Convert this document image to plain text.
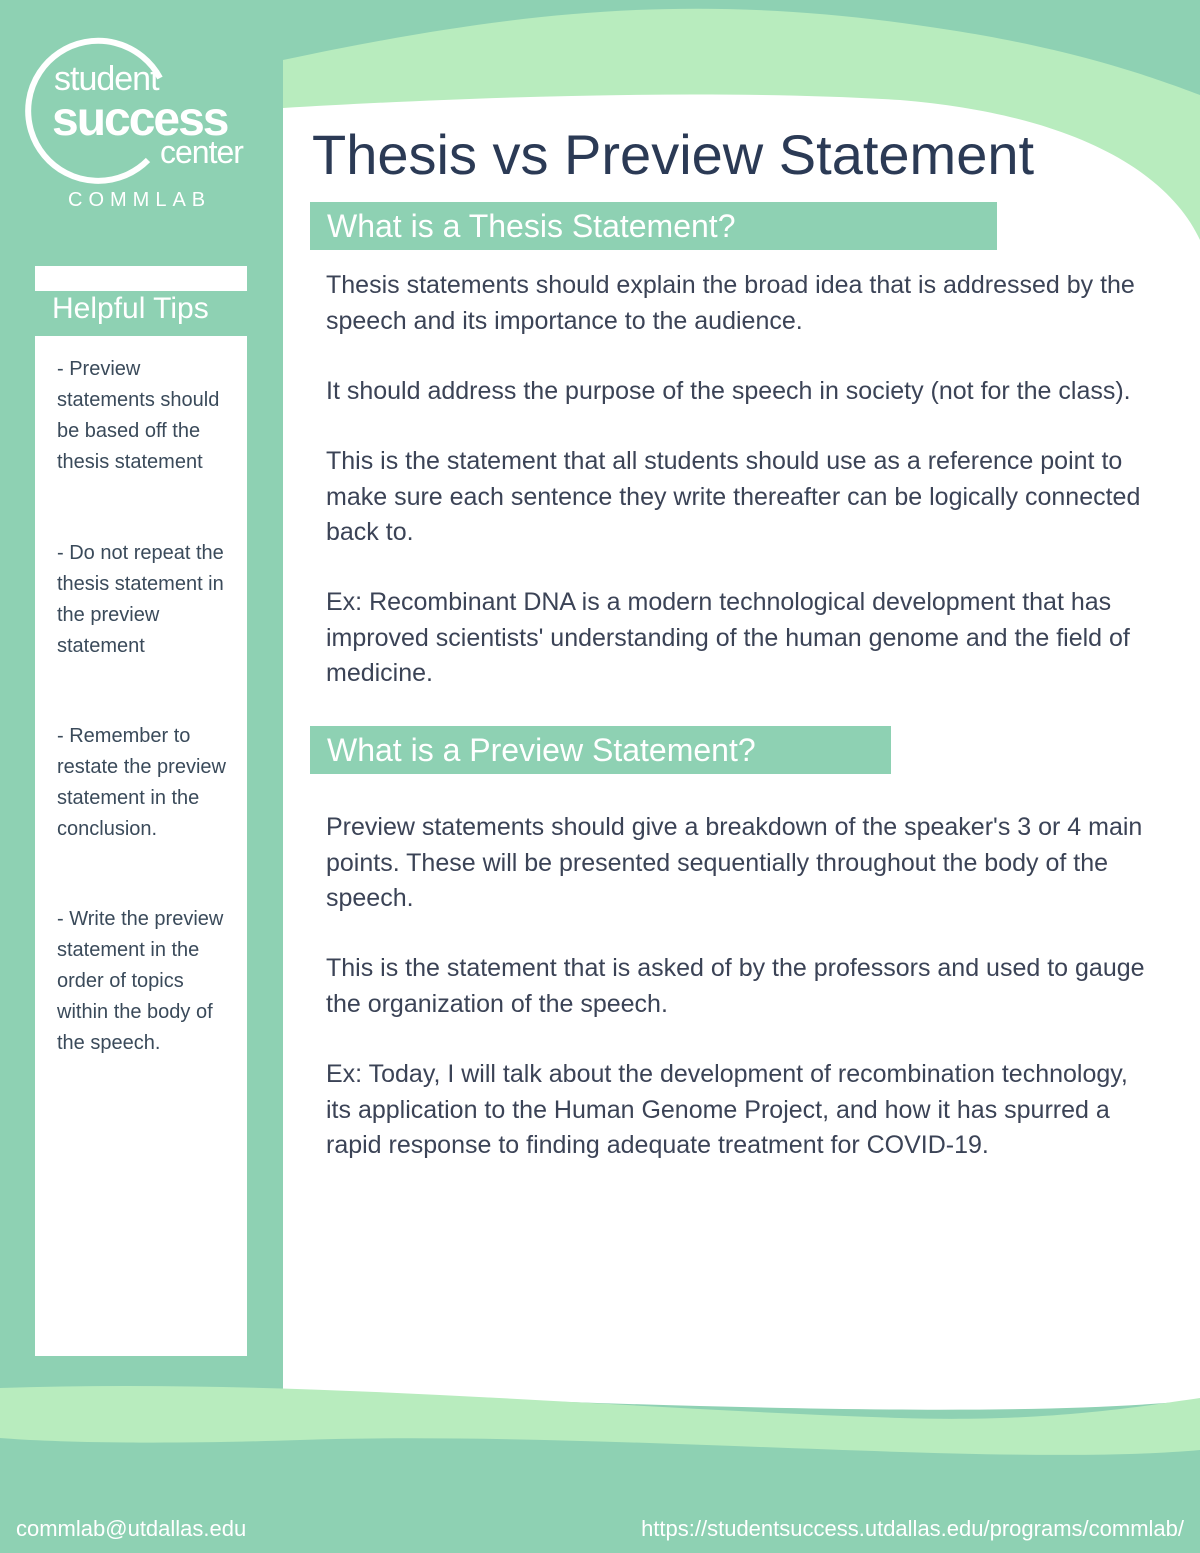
student
success
center
COMMLAB
Helpful Tips
- Preview statements should be based off the thesis statement
- Do not repeat the thesis statement in the preview statement
- Remember to restate the preview statement in the conclusion.
- Write the preview statement in the order of topics within the body of the speech.
Thesis vs Preview Statement
What is a Thesis Statement?

Thesis statements should explain the broad idea that is addressed by the speech and its importance to the audience.

It should address the purpose of the speech in society (not for the class).

This is the statement that all students should use as a reference point to make sure each sentence they write thereafter can be logically connected back to.

Ex: Recombinant DNA is a modern technological development that has improved scientists' understanding of the human genome and the field of medicine.

What is a Preview Statement?

Preview statements should give a breakdown of the speaker's 3 or 4 main points. These will be presented sequentially throughout the body of the speech.

This is the statement that is asked of by the professors and used to gauge the organization of the speech.

Ex: Today, I will talk about the development of recombination technology, its application to the Human Genome Project, and how it has spurred a rapid response to finding adequate treatment for COVID-19.

commlab@utdallas.edu	https://studentsuccess.utdallas.edu/programs/commlab/
